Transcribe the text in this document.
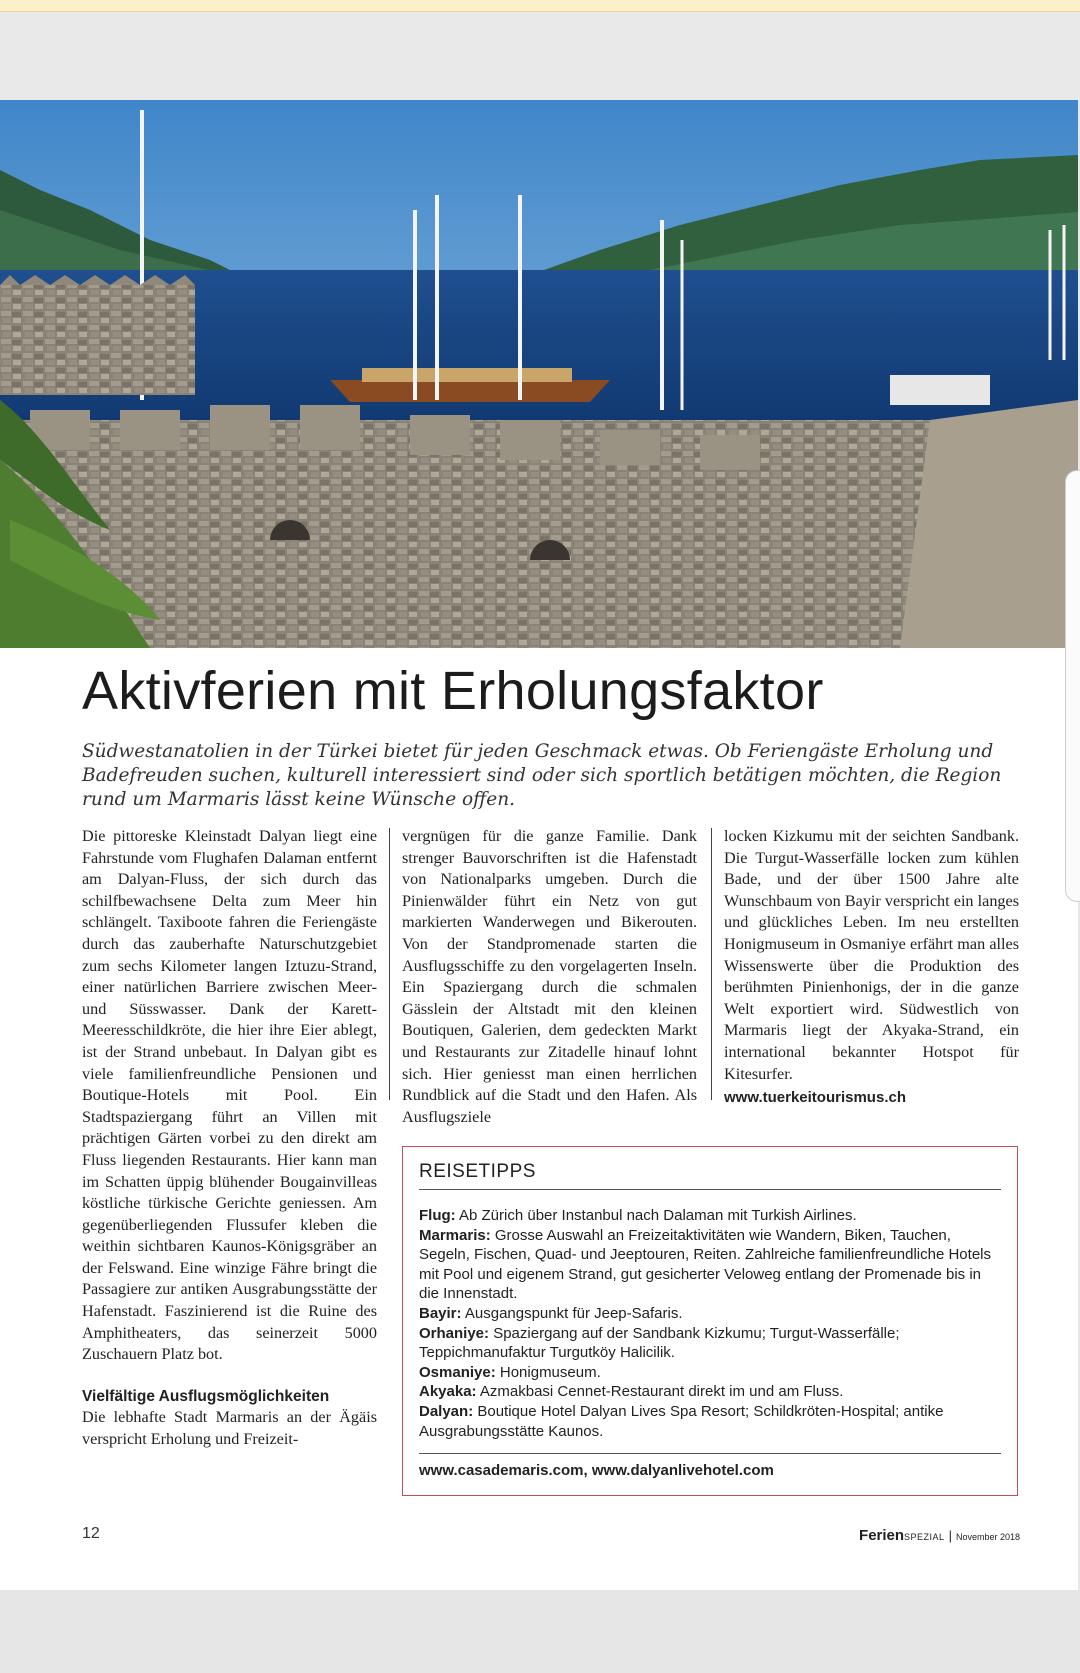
Aktivferien mit Erholungsfaktor
Südwestanatolien in der Türkei bietet für jeden Geschmack etwas. Ob Feriengäste Erholung und Badefreuden suchen, kulturell interessiert sind oder sich sportlich betätigen möchten, die Region rund um Marmaris lässt keine Wünsche offen.

Die pittoreske Kleinstadt Dalyan liegt eine Fahrstunde vom Flughafen Dalaman entfernt am Dalyan-Fluss, der sich durch das schilfbewachsene Delta zum Meer hin schlängelt. Taxiboote fahren die Feriengäste durch das zauberhafte Naturschutzgebiet zum sechs Kilometer langen Iztuzu-Strand, einer natürlichen Barriere zwischen Meer- und Süsswasser. Dank der Karett-Meeresschildkröte, die hier ihre Eier ablegt, ist der Strand unbebaut. In Dalyan gibt es viele familienfreundliche Pensionen und Boutique-Hotels mit Pool. Ein Stadtspaziergang führt an Villen mit prächtigen Gärten vorbei zu den direkt am Fluss liegenden Restaurants. Hier kann man im Schatten üppig blühender Bougainvilleas köstliche türkische Gerichte geniessen. Am gegenüberliegenden Flussufer kleben die weithin sichtbaren Kaunos-Königsgräber an der Felswand. Eine winzige Fähre bringt die Passagiere zur antiken Ausgrabungsstätte der Hafenstadt. Faszinierend ist die Ruine des Amphitheaters, das seinerzeit 5000 Zuschauern Platz bot.

Vielfältige Ausflugsmöglichkeiten

Die lebhafte Stadt Marmaris an der Ägäis verspricht Erholung und Freizeit-

vergnügen für die ganze Familie. Dank strenger Bauvorschriften ist die Hafenstadt von Nationalparks umgeben. Durch die Pinienwälder führt ein Netz von gut markierten Wanderwegen und Bikerouten. Von der Standpromenade starten die Ausflugsschiffe zu den vorgelagerten Inseln. Ein Spaziergang durch die schmalen Gässlein der Altstadt mit den kleinen Boutiquen, Galerien, dem gedeckten Markt und Restaurants zur Zitadelle hinauf lohnt sich. Hier geniesst man einen herrlichen Rundblick auf die Stadt und den Hafen. Als Ausflugsziele

locken Kizkumu mit der seichten Sandbank. Die Turgut-Wasserfälle locken zum kühlen Bade, und der über 1500 Jahre alte Wunschbaum von Bayir verspricht ein langes und glückliches Leben. Im neu erstellten Honigmuseum in Osmaniye erfährt man alles Wissenswerte über die Produktion des berühmten Pinienhonigs, der in die ganze Welt exportiert wird. Südwestlich von Marmaris liegt der Akyaka-Strand, ein international bekannter Hotspot für Kitesurfer.

www.tuerkeitourismus.ch

REISETIPPS

Flug: Ab Zürich über Instanbul nach Dalaman mit Turkish Airlines.

Marmaris: Grosse Auswahl an Freizeitaktivitäten wie Wandern, Biken, Tauchen, Segeln, Fischen, Quad- und Jeeptouren, Reiten. Zahlreiche familienfreundliche Hotels mit Pool und eigenem Strand, gut gesicherter Veloweg entlang der Promenade bis in die Innenstadt.

Bayir: Ausgangspunkt für Jeep-Safaris.

Orhaniye: Spaziergang auf der Sandbank Kizkumu; Turgut-Wasserfälle; Teppichmanufaktur Turgutköy Halicilik.

Osmaniye: Honigmuseum.

Akyaka: Azmakbasi Cennet-Restaurant direkt im und am Fluss.

Dalyan: Boutique Hotel Dalyan Lives Spa Resort; Schildkröten-Hospital; antike Ausgrabungsstätte Kaunos.

www.casademaris.com, www.dalyanlivehotel.com
12	FerienSPEZIAL | November 2018
